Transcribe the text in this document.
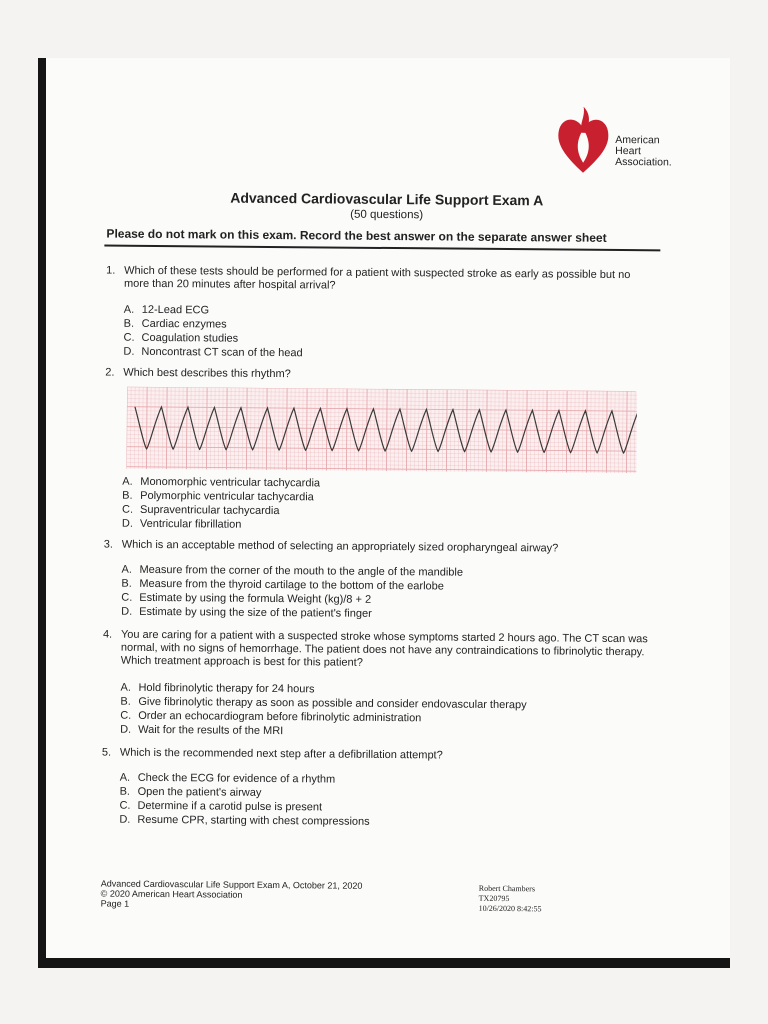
American
Heart
Association.
Advanced Cardiovascular Life Support Exam A
(50 questions)
Please do not mark on this exam. Record the best answer on the separate answer sheet
1. Which of these tests should be performed for a patient with suspected stroke as early as possible but no more than 20 minutes after hospital arrival?
A. 12-Lead ECG
B. Cardiac enzymes
C. Coagulation studies
D. Noncontrast CT scan of the head
2. Which best describes this rhythm?
A. Monomorphic ventricular tachycardia
B. Polymorphic ventricular tachycardia
C. Supraventricular tachycardia
D. Ventricular fibrillation
3. Which is an acceptable method of selecting an appropriately sized oropharyngeal airway?
A. Measure from the corner of the mouth to the angle of the mandible
B. Measure from the thyroid cartilage to the bottom of the earlobe
C. Estimate by using the formula Weight (kg)/8 + 2
D. Estimate by using the size of the patient's finger
4. You are caring for a patient with a suspected stroke whose symptoms started 2 hours ago. The CT scan was normal, with no signs of hemorrhage. The patient does not have any contraindications to fibrinolytic therapy. Which treatment approach is best for this patient?
A. Hold fibrinolytic therapy for 24 hours
B. Give fibrinolytic therapy as soon as possible and consider endovascular therapy
C. Order an echocardiogram before fibrinolytic administration
D. Wait for the results of the MRI
5. Which is the recommended next step after a defibrillation attempt?
A. Check the ECG for evidence of a rhythm
B. Open the patient's airway
C. Determine if a carotid pulse is present
D. Resume CPR, starting with chest compressions
Advanced Cardiovascular Life Support Exam A, October 21, 2020
© 2020 American Heart Association
Page 1
Robert Chambers
TX20795
10/26/2020 8:42:55
